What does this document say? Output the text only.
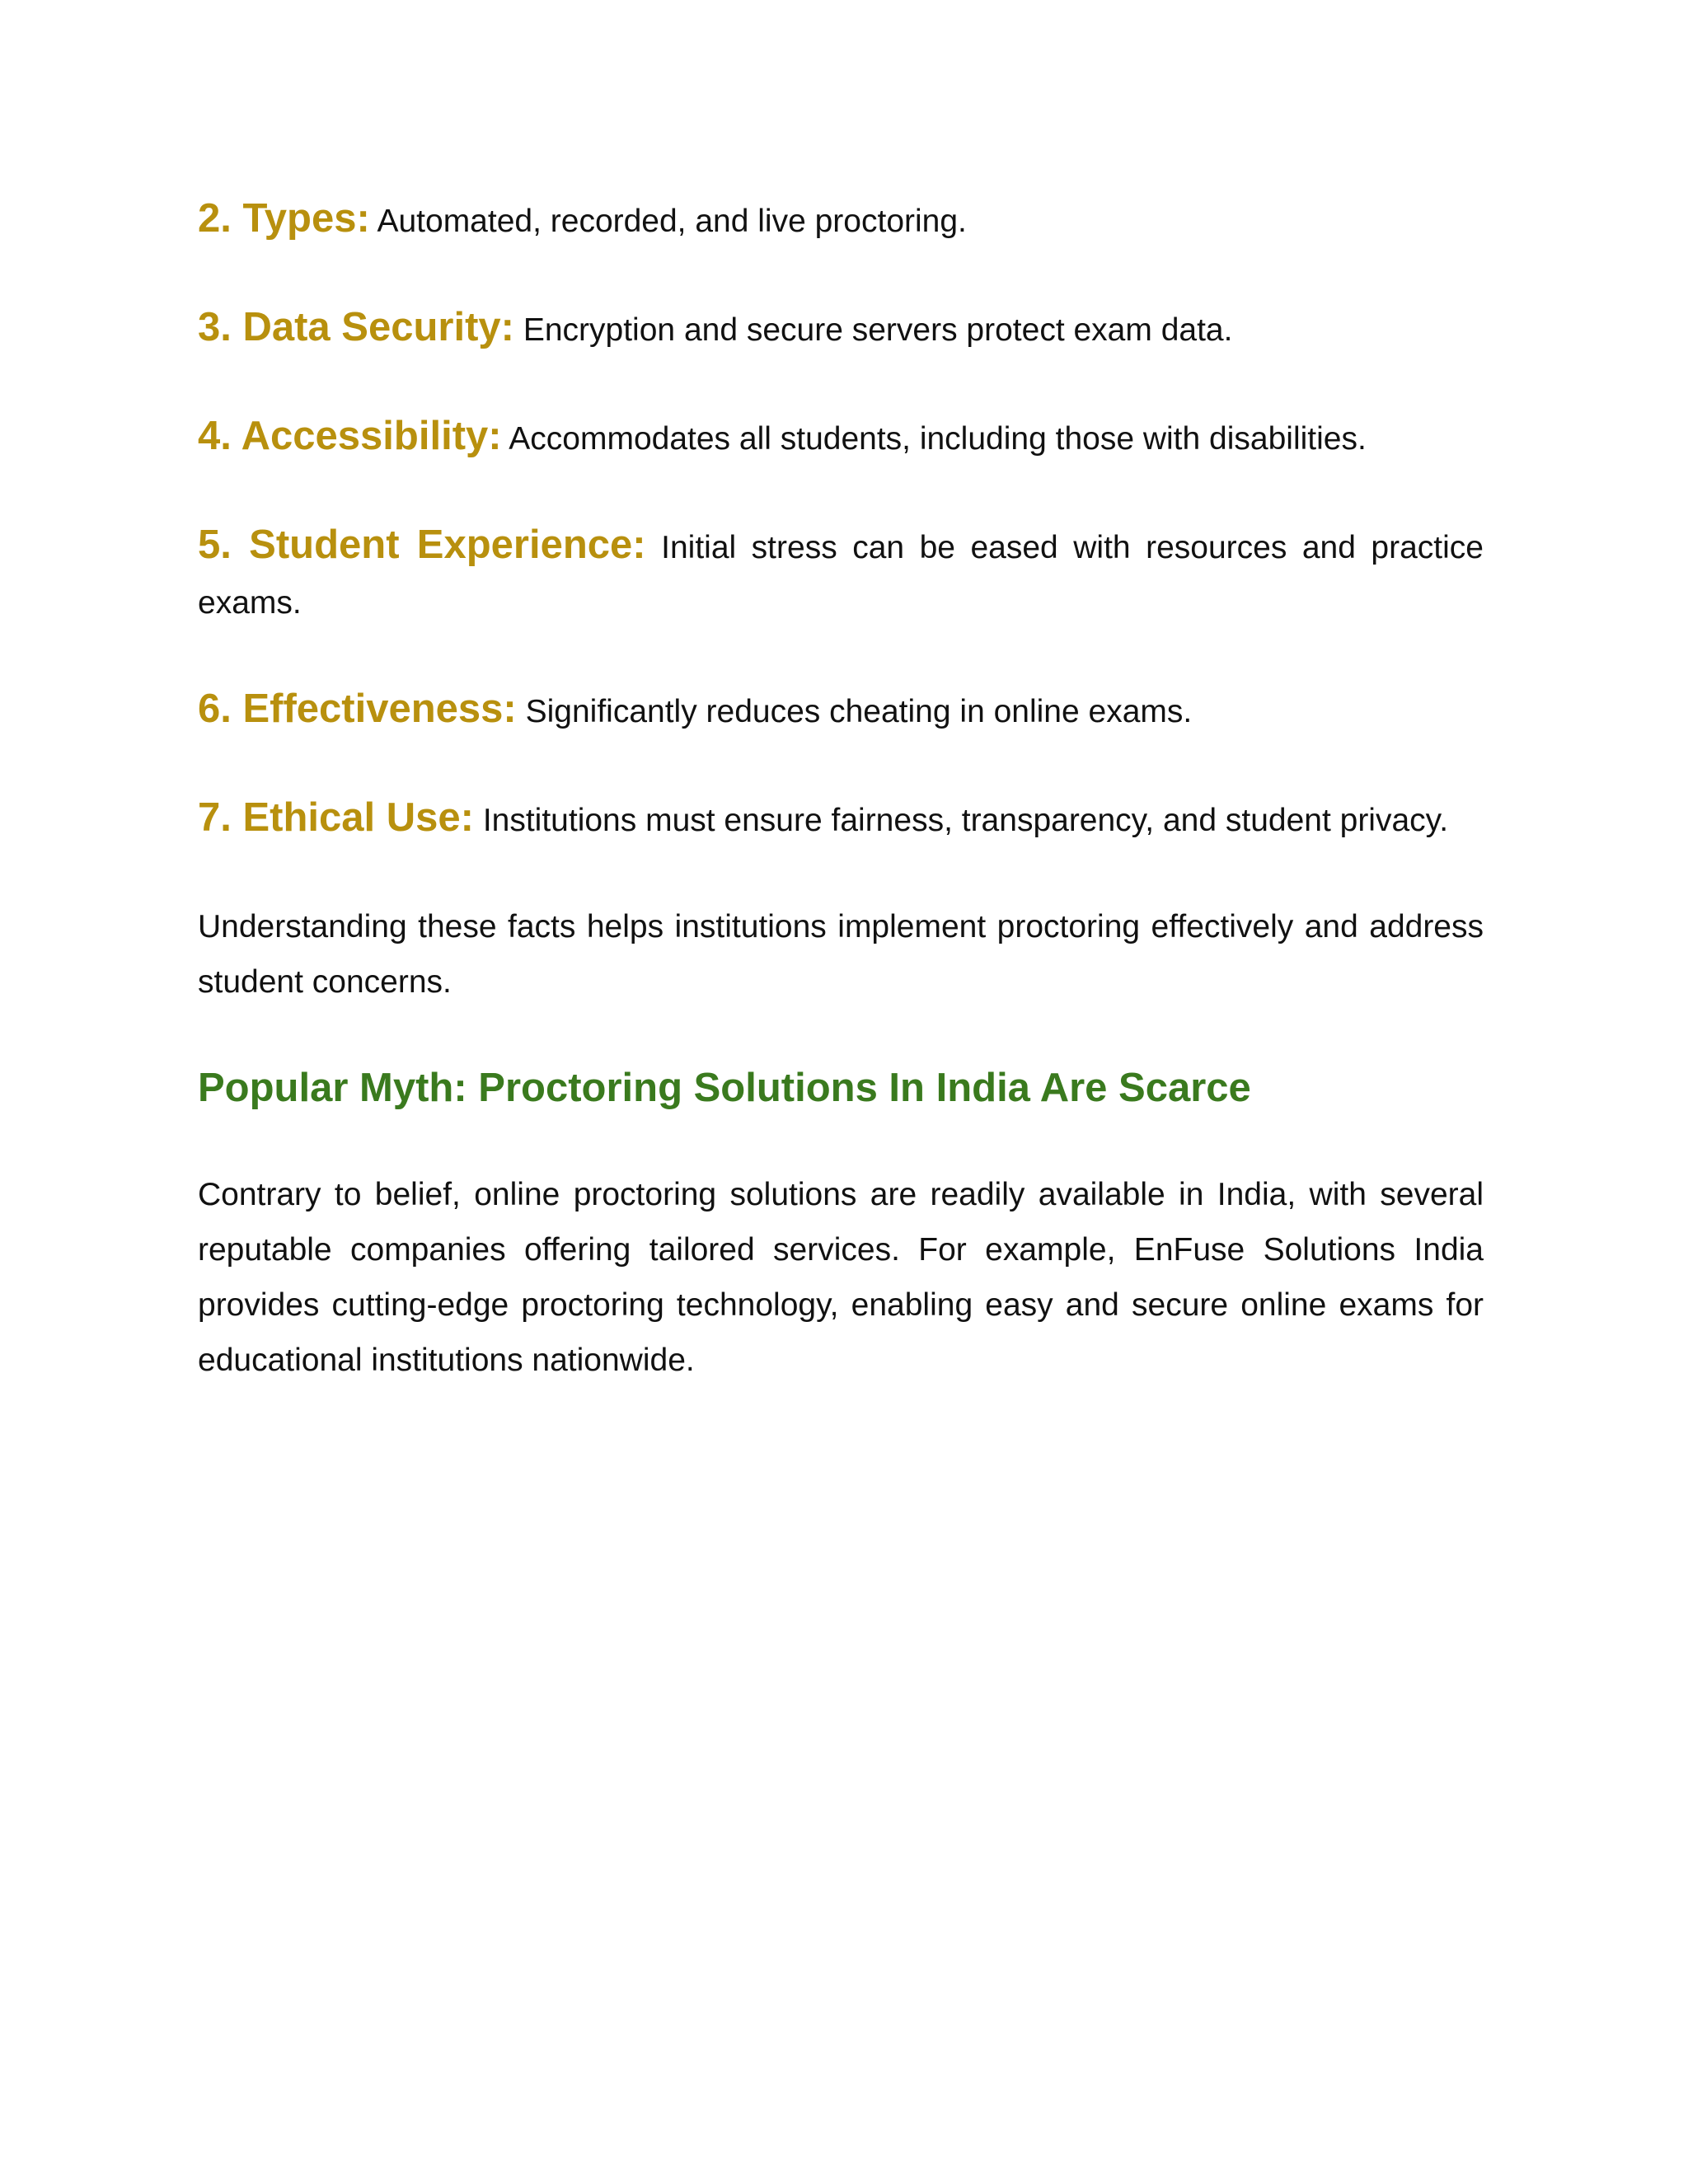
2. Types: Automated, recorded, and live proctoring.

3. Data Security: Encryption and secure servers protect exam data.

4. Accessibility: Accommodates all students, including those with disabilities.

5. Student Experience: Initial stress can be eased with resources and practice exams.

6. Effectiveness: Significantly reduces cheating in online exams.

7. Ethical Use: Institutions must ensure fairness, transparency, and student privacy.

Understanding these facts helps institutions implement proctoring effectively and address student concerns.

Popular Myth: Proctoring Solutions In India Are Scarce

Contrary to belief, online proctoring solutions are readily available in India, with several reputable companies offering tailored services. For example, EnFuse Solutions India provides cutting-edge proctoring technology, enabling easy and secure online exams for educational institutions nationwide.
